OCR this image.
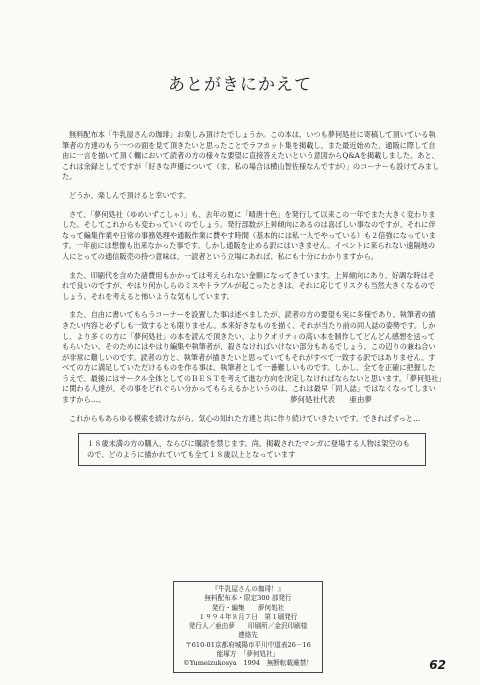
あとがきにかえて

無料配布本「牛乳屋さんの珈琲」お楽しみ頂けたでしょうか。この本は、いつも夢何処社に寄稿して頂いている執筆者の方達のもう一つの面を見て頂きたいと思ったことでラフカット集を掲載し、また最近始めた、通販に際して自由に一言を描いて頂く欄において読者の方の様々な要望に直接答えたいという意図からQ&Aを掲載しました。あと、これは余録としてですが「好きな声優について（ま、私の場合は横山智佐様なんですが）」のコーナーも設けてみました。

どうか、楽しんで頂けると幸いです。

さて、「夢何処社（ゆめいずこしゃ）」も、去年の夏に「晴唐十色」を発行して以来この一年でまた大きく変わりました。そしてこれからも変わっていくのでしょう。発行部数が上昇傾向にあるのは喜ばしい事なのですが、それに伴なって編集作業や日常の事務処理や通販作業に費やす時間（基本的には私一人でやっている）も２倍強になっています。一年前には想像も出来なかった事です。しかし通販を止める訳にはいきません。イベントに来られない遠隔地の人にとっての通信販売の持つ意味は、一読者という立場にあれば、私にも十分にわかりますから。

また、印刷代を含めた諸費用もかかっては考えられない金額になってきています。上昇傾向にあり、好調な時はそれで良いのですが、やはり何かしらのミスやトラブルが起こったときは、それに応じてリスクも当然大きくなるのでしょう。それを考えると怖いような気もしています。

また、自由に書いてもらうコーナーを設置した事は述べましたが、読者の方の要望も実に多様であり、執筆者の描きたい内容と必ずしも一致するとも限りません。本来好きなものを描く、それが当たり前の同人誌の姿勢です。しかし、より多くの方に「夢何処社」の本を読んで頂きたい、よりクオリティの高い本を制作してどんどん感想を送ってもらいたい、そのためにはやはり編集や執筆者が、殺さなければいけない部分もあるでしょう。この辺りの兼ね合いが非常に難しいのです。読者の方と、執筆者が描きたいと思っていてもそれがすべて一致する訳ではありません。すべての方に満足していただけるものを作る事は、執筆者として一番難しいものです。しかし、全てを正確に把握したうえで、最後にはサークル全体としてのＢＥＳＴを考えて進む方向を決定しなければならないと思います。「夢何処社」に関わる人達が、その事をどれぐらい分かってもらえるかというのは、これは最早「同人誌」ではなくなってしまいますから…。

これからもあらゆる模索を続けながら、気心の知れた方達と共に作り続けていきたいです。できればずっと…

夢何処社代表 亜由夢
１８歳未満の方の購入、ならびに購読を禁じます。尚、掲載されたマンガに登場する人物は架空のもので、どのように描かれていても全て１８歳以上となっています
『牛乳屋さんの珈琲！』
無料配布本・限定300 部発行
発行・編集　　夢何処社
１９９４年８月７日　第１刷発行
発行人／亜由夢　　印刷所／金沢印刷様
連絡先
〒610-01京都府城陽市平川中道表26－16
能塚方　「夢何処社」
©Yumeizukosya　1994　無断転載厳禁！	62
